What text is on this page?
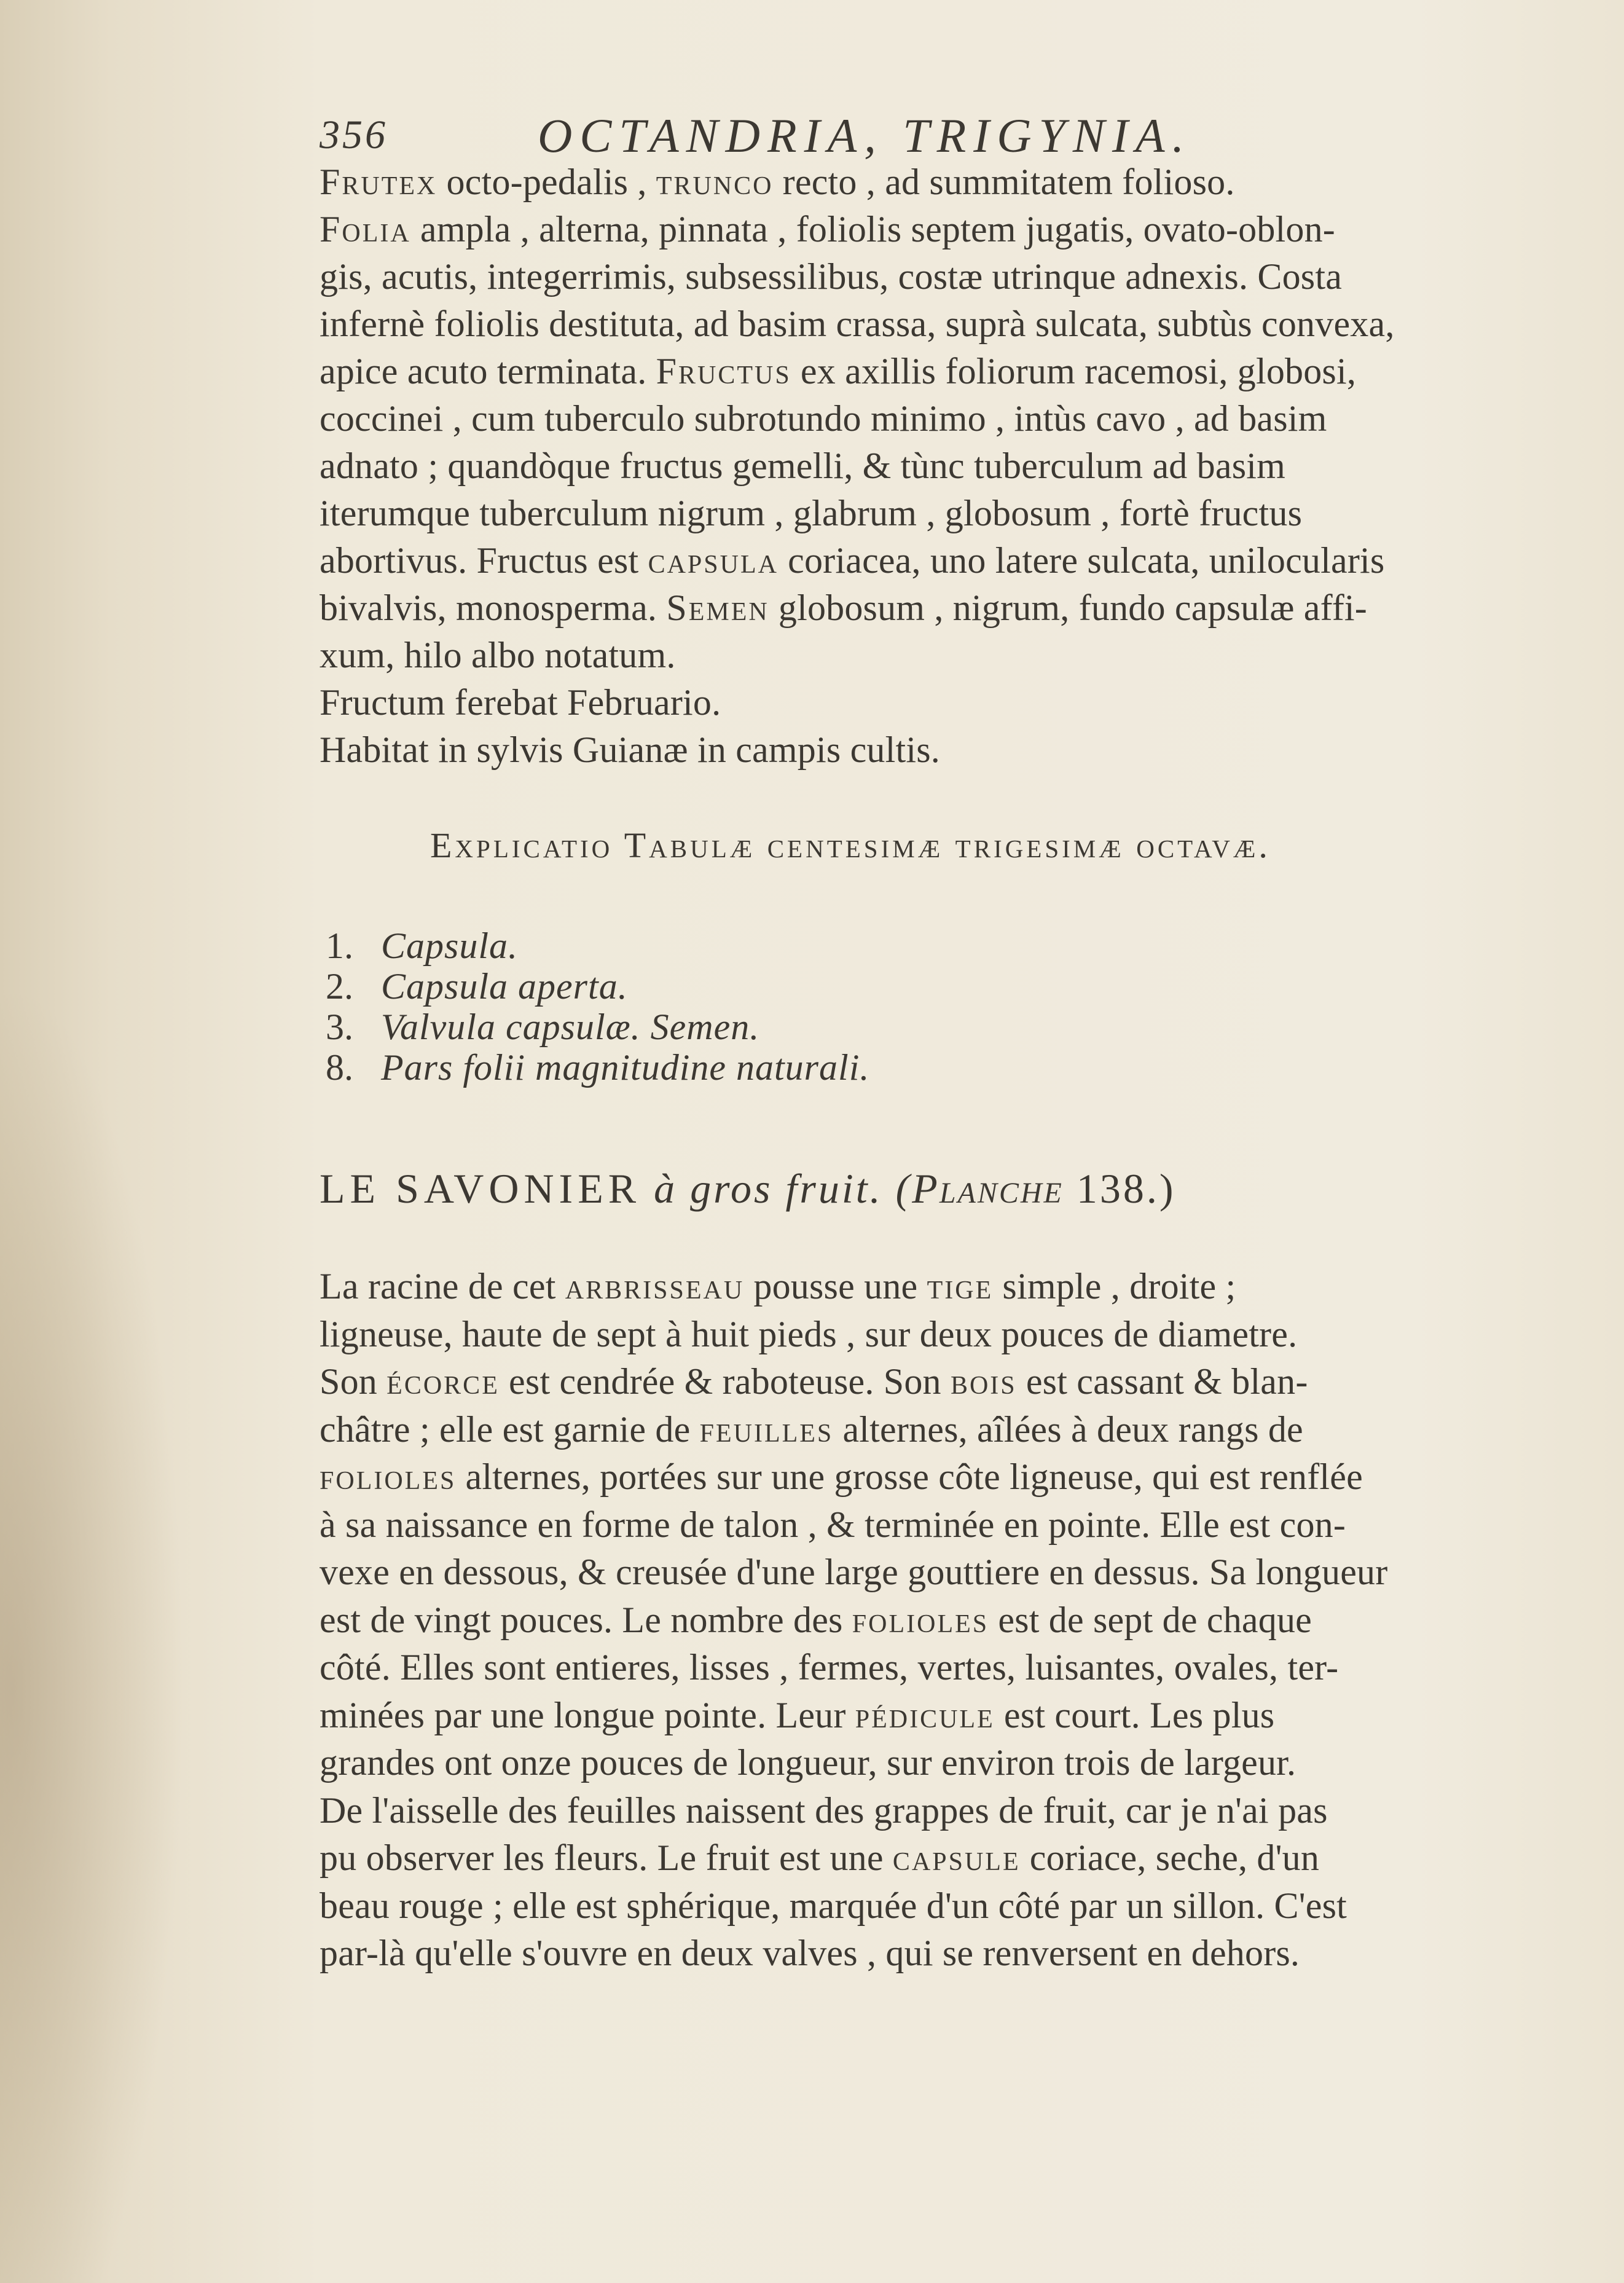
356	OCTANDRIA, TRIGYNIA.
Frutex octo-pedalis , trunco recto , ad summitatem folioso.
Folia ampla , alterna, pinnata , foliolis septem jugatis, ovato-oblon-
gis, acutis, integerrimis, subsessilibus, costæ utrinque adnexis. Costa
infernè foliolis destituta, ad basim crassa, suprà sulcata, subtùs convexa,
apice acuto terminata. Fructus ex axillis foliorum racemosi, globosi,
coccinei , cum tuberculo subrotundo minimo , intùs cavo , ad basim
adnato ; quandòque fructus gemelli, & tùnc tuberculum ad basim
iterumque tuberculum nigrum , glabrum , globosum , fortè fructus
abortivus. Fructus est capsula coriacea, uno latere sulcata, unilocularis
bivalvis, monosperma. Semen globosum , nigrum, fundo capsulæ affi-
xum, hilo albo notatum.
Fructum ferebat Februario.
Habitat in sylvis Guianæ in campis cultis.
Explicatio Tabulæ centesimæ trigesimæ octavæ.
1. Capsula.
2. Capsula aperta.
3. Valvula capsulæ. Semen.
8. Pars folii magnitudine naturali.
LE SAVONIER à gros fruit. (Planche 138.)
La racine de cet arbrisseau pousse une tige simple , droite ;
ligneuse, haute de sept à huit pieds , sur deux pouces de diametre.
Son écorce est cendrée & raboteuse. Son bois est cassant & blan-
châtre ; elle est garnie de feuilles alternes, aîlées à deux rangs de
folioles alternes, portées sur une grosse côte ligneuse, qui est renflée
à sa naissance en forme de talon , & terminée en pointe. Elle est con-
vexe en dessous, & creusée d'une large gouttiere en dessus. Sa longueur
est de vingt pouces. Le nombre des folioles est de sept de chaque
côté. Elles sont entieres, lisses , fermes, vertes, luisantes, ovales, ter-
minées par une longue pointe. Leur pédicule est court. Les plus
grandes ont onze pouces de longueur, sur environ trois de largeur.
De l'aisselle des feuilles naissent des grappes de fruit, car je n'ai pas
pu observer les fleurs. Le fruit est une capsule coriace, seche, d'un
beau rouge ; elle est sphérique, marquée d'un côté par un sillon. C'est
par-là qu'elle s'ouvre en deux valves , qui se renversent en dehors.
